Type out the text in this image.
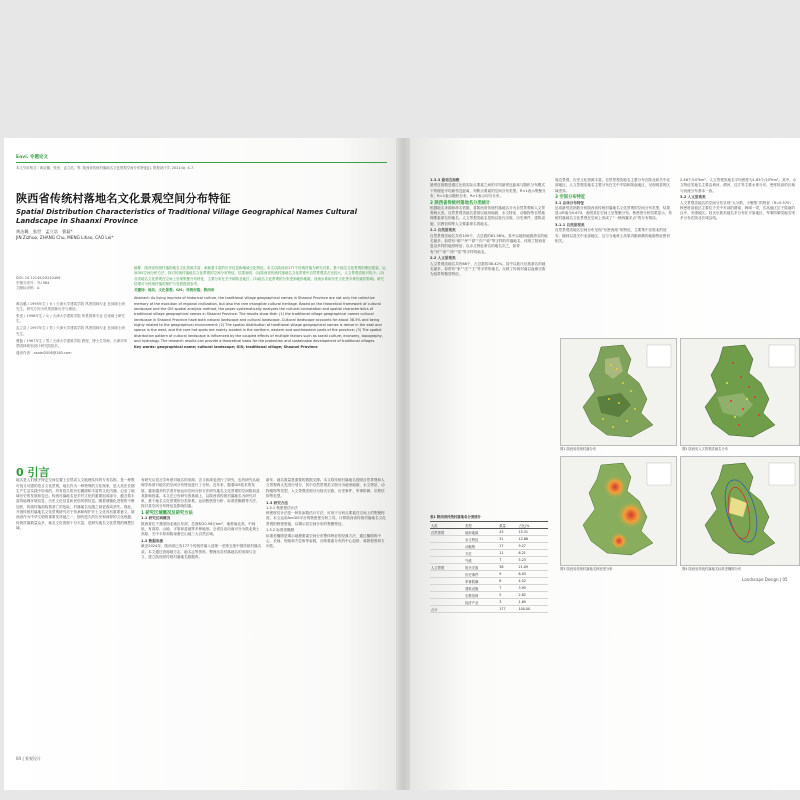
Envi. 专题论文
本文引用格式：黄洁璐，张世，孟立浩，等. 陕西省传统村落地名文化景观空间分布特征[J]. 景观设计学, 2021(4): 4-7.
陕西省传统村落地名文化景观空间分布特征
Spatial Distribution Characteristics of Traditional Village Geographical Names Cultural Landscape in Shaanxi Province
黄洁璐　张世　孟立浩　曹磊*
JIN Zizhuo, ZHANG Chu, MENG Lihao, CAO Lei*
DOI: 10.12145/20210406
中图分类号：TU 984
文献标识码：A
黄洁璐 / 1995年生 / 女 / 天津大学建筑学院 风景园林专业 在读硕士研究生。研究方向为风景园林历史与理论。
张世 / 1998年生 / 女 / 天津大学建筑学院 风景园林专业 在读硕士研究生。
孟立浩 / 1997年生 / 男 / 天津大学建筑学院 风景园林专业 在读硕士研究生。
曹磊 / 1967年生 / 男 / 天津大学建筑学院 教授，博士生导师，天津市风景园林规划设计研究院院长。
通讯作者：caolei2006@163.com
摘要：陕西省传统村落的地名文化资源丰富，承载着丰富的历史信息和地域文化特征。本文以陕西省177个传统村落为研究对象，基于地名文化景观的理论框架，运用GIS空间分析方法，探讨传统村落地名文化景观的空间分布特征。结果表明：(1)陕西省传统村落地名文化景观中自然景观类占比较大，人文景观类相对较少；(2)各类地名文化景观在空间上呈现集聚分布特征，主要分布在关中和陕北地区；(3)地名文化景观的分布受到地形地貌、河流水系和历史文化等多种因素的影响。研究结果可为传统村落的保护与发展提供参考。
关键词：地名；文化景观；GIS；传统村落；陕西省
Abstract: As living imprints of historical culture, the traditional village geographical names in Shaanxi Province are not only the collective memory of the evolution of regional civilization, but also the rare intangible cultural heritage. Based on the theoretical framework of cultural landscape and the GIS spatial analysis method, the paper systematically analyzes the cultural connotation and spatial characteristics of traditional village geographical names in Shaanxi Province. The results show that: (1) the traditional village geographical names cultural landscape in Shaanxi Province have both natural landscape and cultural landscape. Cultural landscape accounts for about 38.5% and being highly related to the geographical environment; (2) The spatial distribution of traditional village geographical names is dense in the east and sparse in the west, and the core hot spots are mainly located in the northern, eastern and southeastern parts of the province; (3) The spatial distribution pattern of cultural landscape is influenced by the coupled effects of multiple factors such as social culture, economy, topography, and hydrology. The research results can provide a theoretical basis for the protection and sustainable development of traditional villages.
Key words: geographical name; cultural landscape; GIS; traditional village; Shaanxi Province
0 引言

地名是人们赋予特定空间位置上自然或人文地理实体的专有名称，是一种既可视又可感的语言文化景观。地名作为一种特殊的文化现象，是人类在长期生产生活实践中形成的，具有悠久的历史渊源和丰富的文化内涵，记录了地域历史的发展和变迁。传统村落地名是乡村文化的重要组成部分，蕴含着丰富的地理环境信息、历史文化信息和民俗风情信息。随着城镇化进程的不断加快，传统村落面临着消亡的危险，村落地名也随之被更改或消失。因此，开展传统村落地名文化景观研究对于传承和保护乡土文化具有重要意义。陕西省作为中华文明的重要发祥地之一，拥有悠久的历史和深厚的文化底蕴，传统村落数量众多，地名文化资源十分丰富，是研究地名文化景观的理想区域。

有研究从语言学角度对地名的来源、含义和演变进行了研究，也有研究从地理学角度对地名的空间分布特征进行了分析。近年来，随着GIS技术的发展，越来越多的学者开始运用空间分析方法研究地名文化景观的空间格局及其影响因素。本文在已有研究的基础上，以陕西省传统村落地名为研究对象，基于地名文化景观的分类体系，运用核密度分析、标准差椭圆等方法，探讨其空间分布特征及影响因素。

1 研究区域概况及研究方法
1.1 研究区域概况

陕西省位于我国西北地区东部，总面积20.56万km²，地势南北高、中间低，有高原、山地、平原和盆地等多种地形。全省自北向南可分为陕北黄土高原、关中平原和陕南秦巴山地三大自然区域。

1.2 数据来源

截至2024年，陕西省已有177个传统村落入选第一至第五批中国传统村落名录。本文通过查阅地方志、地名志等资料，整理出各村落地名的来源与含义，建立陕西省传统村落地名数据库。

新年，地名数量是重要的数据支撑。本文将传统村落地名按照自然景观和人文景观两大类进行划分，其中自然景观类又细分为地形地貌、水文特征、动物植物等类型，人文景观类细分为姓氏宗族、历史事件、军事防御、宗教信仰等类型。

1.3 研究方法
1.3.1 核密度估计法

核密度估计法是一种非参数估计方法，可用于分析点要素在空间上的集聚程度。本文运用ArcGIS平台的核密度分析工具，计算陕西省传统村落地名文化景观的核密度值，以揭示其空间分布的集聚特征。

1.3.2 标准差椭圆

标准差椭圆是揭示地理要素空间分布整体特征的经典方法，通过椭圆的中心、长轴、短轴和方位角等参数，反映要素分布的中心趋势、离散程度和方向性。

04 | 景观设计
1.3.3 最邻近指数

最邻近指数是通过比较实际点要素之间的平均最邻近距离与随机分布模式下的理论平均最邻近距离，判断点要素的空间分布类型。R<1表示集聚分布，R=1表示随机分布，R>1表示均匀分布。

2 陕西省传统村落地名分类统计

根据地名来源和命名依据，将陕西省传统村落地名分为自然景观和人文景观两大类。自然景观类地名是指以地形地貌、水文特征、动植物等自然地理要素命名的地名；人文景观类地名是指以姓氏宗族、历史事件、建筑设施、宗教信仰等人文要素命名的地名。

2.1 自然景观类

自然景观类地名共有109个，占总数的61.58%。其中以地形地貌命名的地名最多，如带有“塬”“坪”“峁”“沟”“坡”等字样的村落地名，体现了陕西省复杂多样的地形特征；以水文特征命名的地名次之，如带有“河”“泉”“湾”“渠”等字样的地名。

2.2 人文景观类

人文景观类地名共有68个，占总数的38.42%。其中以姓氏宗族命名的地名最多，如带有“家”“庄”“王”等字样的地名，反映了传统村落以血缘宗族为纽带的聚居特征。

表1 陕西省传统村落地名分类统计
大类	类型	数量	占比/%
自然景观	地形地貌	43	15.31
	水文特征	31	12.86
	动植物	17	9.27
	方位	11	6.21
	气候	7	5.23
人文景观	姓氏宗族	36	21.09
	历史事件	9	6.03
	军事防御	8	4.52
	建筑设施	7	3.95
	宗教信仰	5	2.82
	经济产业	3	1.69
合计		177	100.00

周边景观，历史文化资源丰富。自然景观类地名主要分布在陕北和关中北部地区，人文景观类地名主要分布在关中平原和陕南地区，呈现明显的区域差异。

3 空间分布特征
3.1 总体分布特征

运用最邻近指数分析陕西省传统村落地名文化景观的空间分布类型，结果显示R值为0.673，表明其在空间上呈集聚分布。核密度分析结果显示，传统村落地名文化景观在空间上形成了“一核两翼多点”的分布格局。

3.1.1 自然景观类

自然景观类地名空间分布呈现“东密西疏”的特征，主要集中在陕北的延安、榆林以及关中北部地区，这与当地黄土高原沟壑纵横的地貌特征密切相关。

2.46个/10⁴km²，人文景观类地名平均密度为1.83个/10⁴km²。其中，水文特征类地名主要沿黄河、渭河、汉江等主要水系分布，密度较高的区域与河流分布基本一致。

3.2 人文景观类

人文景观类地名的空间分布呈现“大分散、小聚集”的特征（R=0.570），核密度高值区主要位于关中东部的渭南、韩城一带，次高值区位于陕南的汉中、安康地区。姓氏宗族类地名多分布在平原地区，军事防御类地名则多分布在陕北长城沿线。

图1 陕西省传统村落分布	图2 陕西省人文景观类地名分布
图3 陕西省传统村落地名核密度分析	图4 陕西省传统村落地名标准差椭圆分布
Landscape Design | 05
